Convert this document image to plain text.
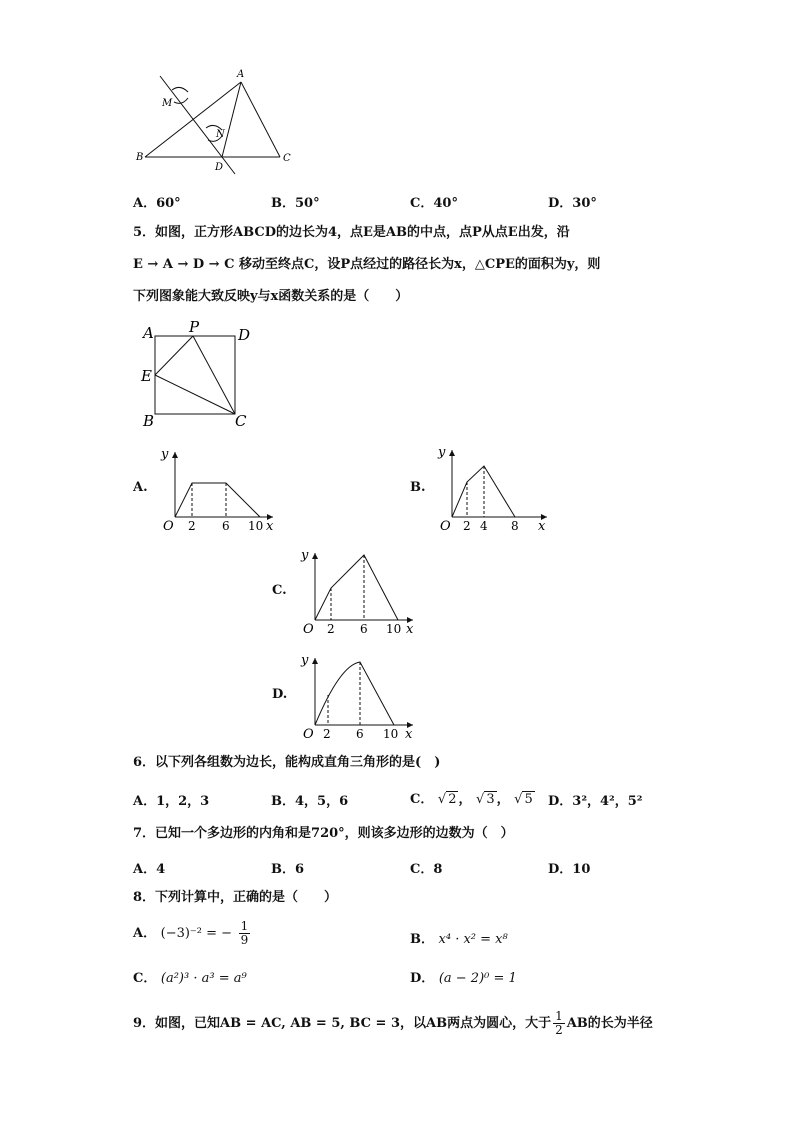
A
M
N
B
D
C
A．60°	B．50°	C．40°	D．30°
5．如图，正方形ABCD的边长为4，点E是AB的中点，点P从点E出发，沿
E → A → D → C 移动至终点C，设P点经过的路径长为x，△CPE的面积为y，则
下列图象能大致反映y与x函数关系的是（　　）
A P	D
E
B	C
A.
y
O 2 6 10 x
B.
y
O 2 4 8 x
C.
y
O 2 6 10 x
D.
y
O 2 6 10 x
6．以下列各组数为边长，能构成直角三角形的是(　)
A．1，2，3	B．4，5，6	C． √ 2 ， √ 3 ， √ 5 D．3²，4²，5²
7．已知一个多边形的内角和是720°，则该多边形的边数为（　）
A．4	B．6	C．8	D．10
8．下列计算中，正确的是（　　）
A． (−3)⁻² = − $\frac{1}{9}$	B． x⁴ · x² = x⁸
C． (a²)³ · a³ = a⁹	D． (a − 2)⁰ = 1
9．如图，已知AB = AC, AB = 5, BC = 3，以AB两点为圆心，大于 $\frac{1}{2}$ AB的长为半径
